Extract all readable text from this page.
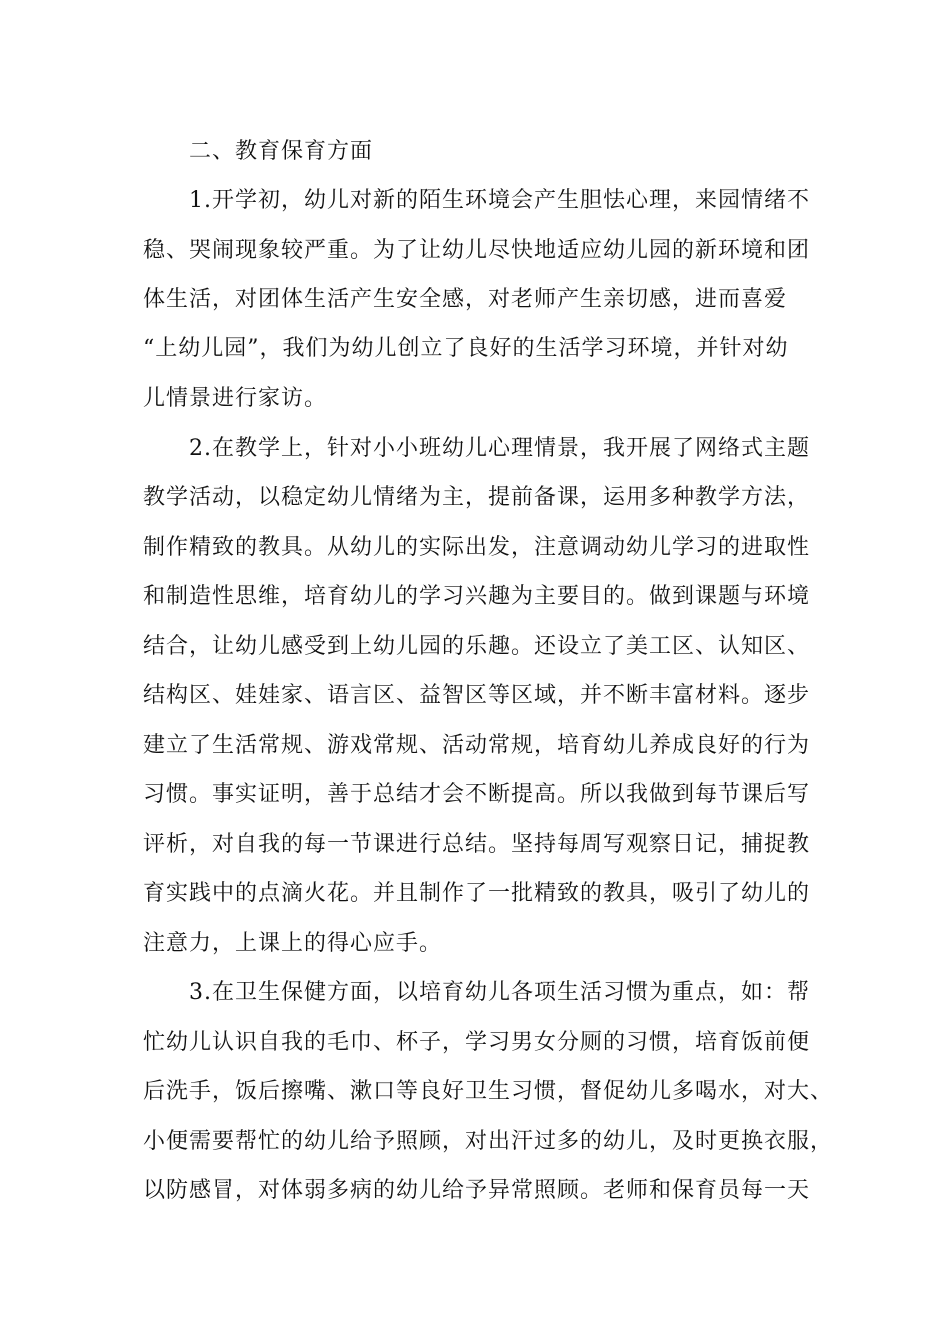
二、教育保育方面
1.开学初，幼儿对新的陌生环境会产生胆怯心理，来园情绪不
稳、哭闹现象较严重。为了让幼儿尽快地适应幼儿园的新环境和团
体生活，对团体生活产生安全感，对老师产生亲切感，进而喜爱
“上幼儿园”，我们为幼儿创立了良好的生活学习环境，并针对幼
儿情景进行家访。
2.在教学上，针对小小班幼儿心理情景，我开展了网络式主题
教学活动，以稳定幼儿情绪为主，提前备课，运用多种教学方法，
制作精致的教具。从幼儿的实际出发，注意调动幼儿学习的进取性
和制造性思维，培育幼儿的学习兴趣为主要目的。做到课题与环境
结合，让幼儿感受到上幼儿园的乐趣。还设立了美工区、认知区、
结构区、娃娃家、语言区、益智区等区域，并不断丰富材料。逐步
建立了生活常规、游戏常规、活动常规，培育幼儿养成良好的行为
习惯。事实证明，善于总结才会不断提高。所以我做到每节课后写
评析，对自我的每一节课进行总结。坚持每周写观察日记，捕捉教
育实践中的点滴火花。并且制作了一批精致的教具，吸引了幼儿的
注意力，上课上的得心应手。
3.在卫生保健方面，以培育幼儿各项生活习惯为重点，如：帮
忙幼儿认识自我的毛巾、杯子，学习男女分厕的习惯，培育饭前便
后洗手，饭后擦嘴、漱口等良好卫生习惯，督促幼儿多喝水，对大、
小便需要帮忙的幼儿给予照顾，对出汗过多的幼儿，及时更换衣服，
以防感冒，对体弱多病的幼儿给予异常照顾。老师和保育员每一天
